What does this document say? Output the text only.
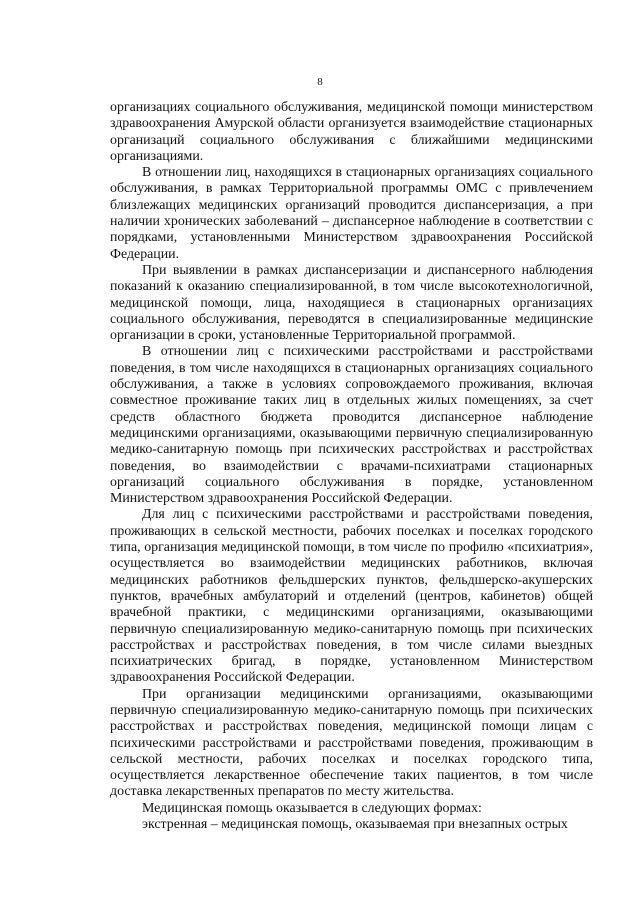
8

организациях социального обслуживания, медицинской помощи министерством здравоохранения Амурской области организуется взаимодействие стационарных организаций социального обслуживания с ближайшими медицинскими организациями.

В отношении лиц, находящихся в стационарных организациях социального обслуживания, в рамках Территориальной программы ОМС с привлечением близлежащих медицинских организаций проводится диспансеризация, а при наличии хронических заболеваний – диспансерное наблюдение в соответствии с порядками, установленными Министерством здравоохранения Российской Федерации.

При выявлении в рамках диспансеризации и диспансерного наблюдения показаний к оказанию специализированной, в том числе высокотехнологичной, медицинской помощи, лица, находящиеся в стационарных организациях социального обслуживания, переводятся в специализированные медицинские организации в сроки, установленные Территориальной программой.

В отношении лиц с психическими расстройствами и расстройствами поведения, в том числе находящихся в стационарных организациях социального обслуживания, а также в условиях сопровождаемого проживания, включая совместное проживание таких лиц в отдельных жилых помещениях, за счет средств областного бюджета проводится диспансерное наблюдение медицинскими организациями, оказывающими первичную специализированную медико-санитарную помощь при психических расстройствах и расстройствах поведения, во взаимодействии с врачами-психиатрами стационарных организаций социального обслуживания в порядке, установленном Министерством здравоохранения Российской Федерации.

Для лиц с психическими расстройствами и расстройствами поведения, проживающих в сельской местности, рабочих поселках и поселках городского типа, организация медицинской помощи, в том числе по профилю «психиатрия», осуществляется во взаимодействии медицинских работников, включая медицинских работников фельдшерских пунктов, фельдшерско-акушерских пунктов, врачебных амбулаторий и отделений (центров, кабинетов) общей врачебной практики, с медицинскими организациями, оказывающими первичную специализированную медико-санитарную помощь при психических расстройствах и расстройствах поведения, в том числе силами выездных психиатрических бригад, в порядке, установленном Министерством здравоохранения Российской Федерации.

При организации медицинскими организациями, оказывающими первичную специализированную медико-санитарную помощь при психических расстройствах и расстройствах поведения, медицинской помощи лицам с психическими расстройствами и расстройствами поведения, проживающим в сельской местности, рабочих поселках и поселках городского типа, осуществляется лекарственное обеспечение таких пациентов, в том числе доставка лекарственных препаратов по месту жительства.

Медицинская помощь оказывается в следующих формах:

экстренная – медицинская помощь, оказываемая при внезапных острых
